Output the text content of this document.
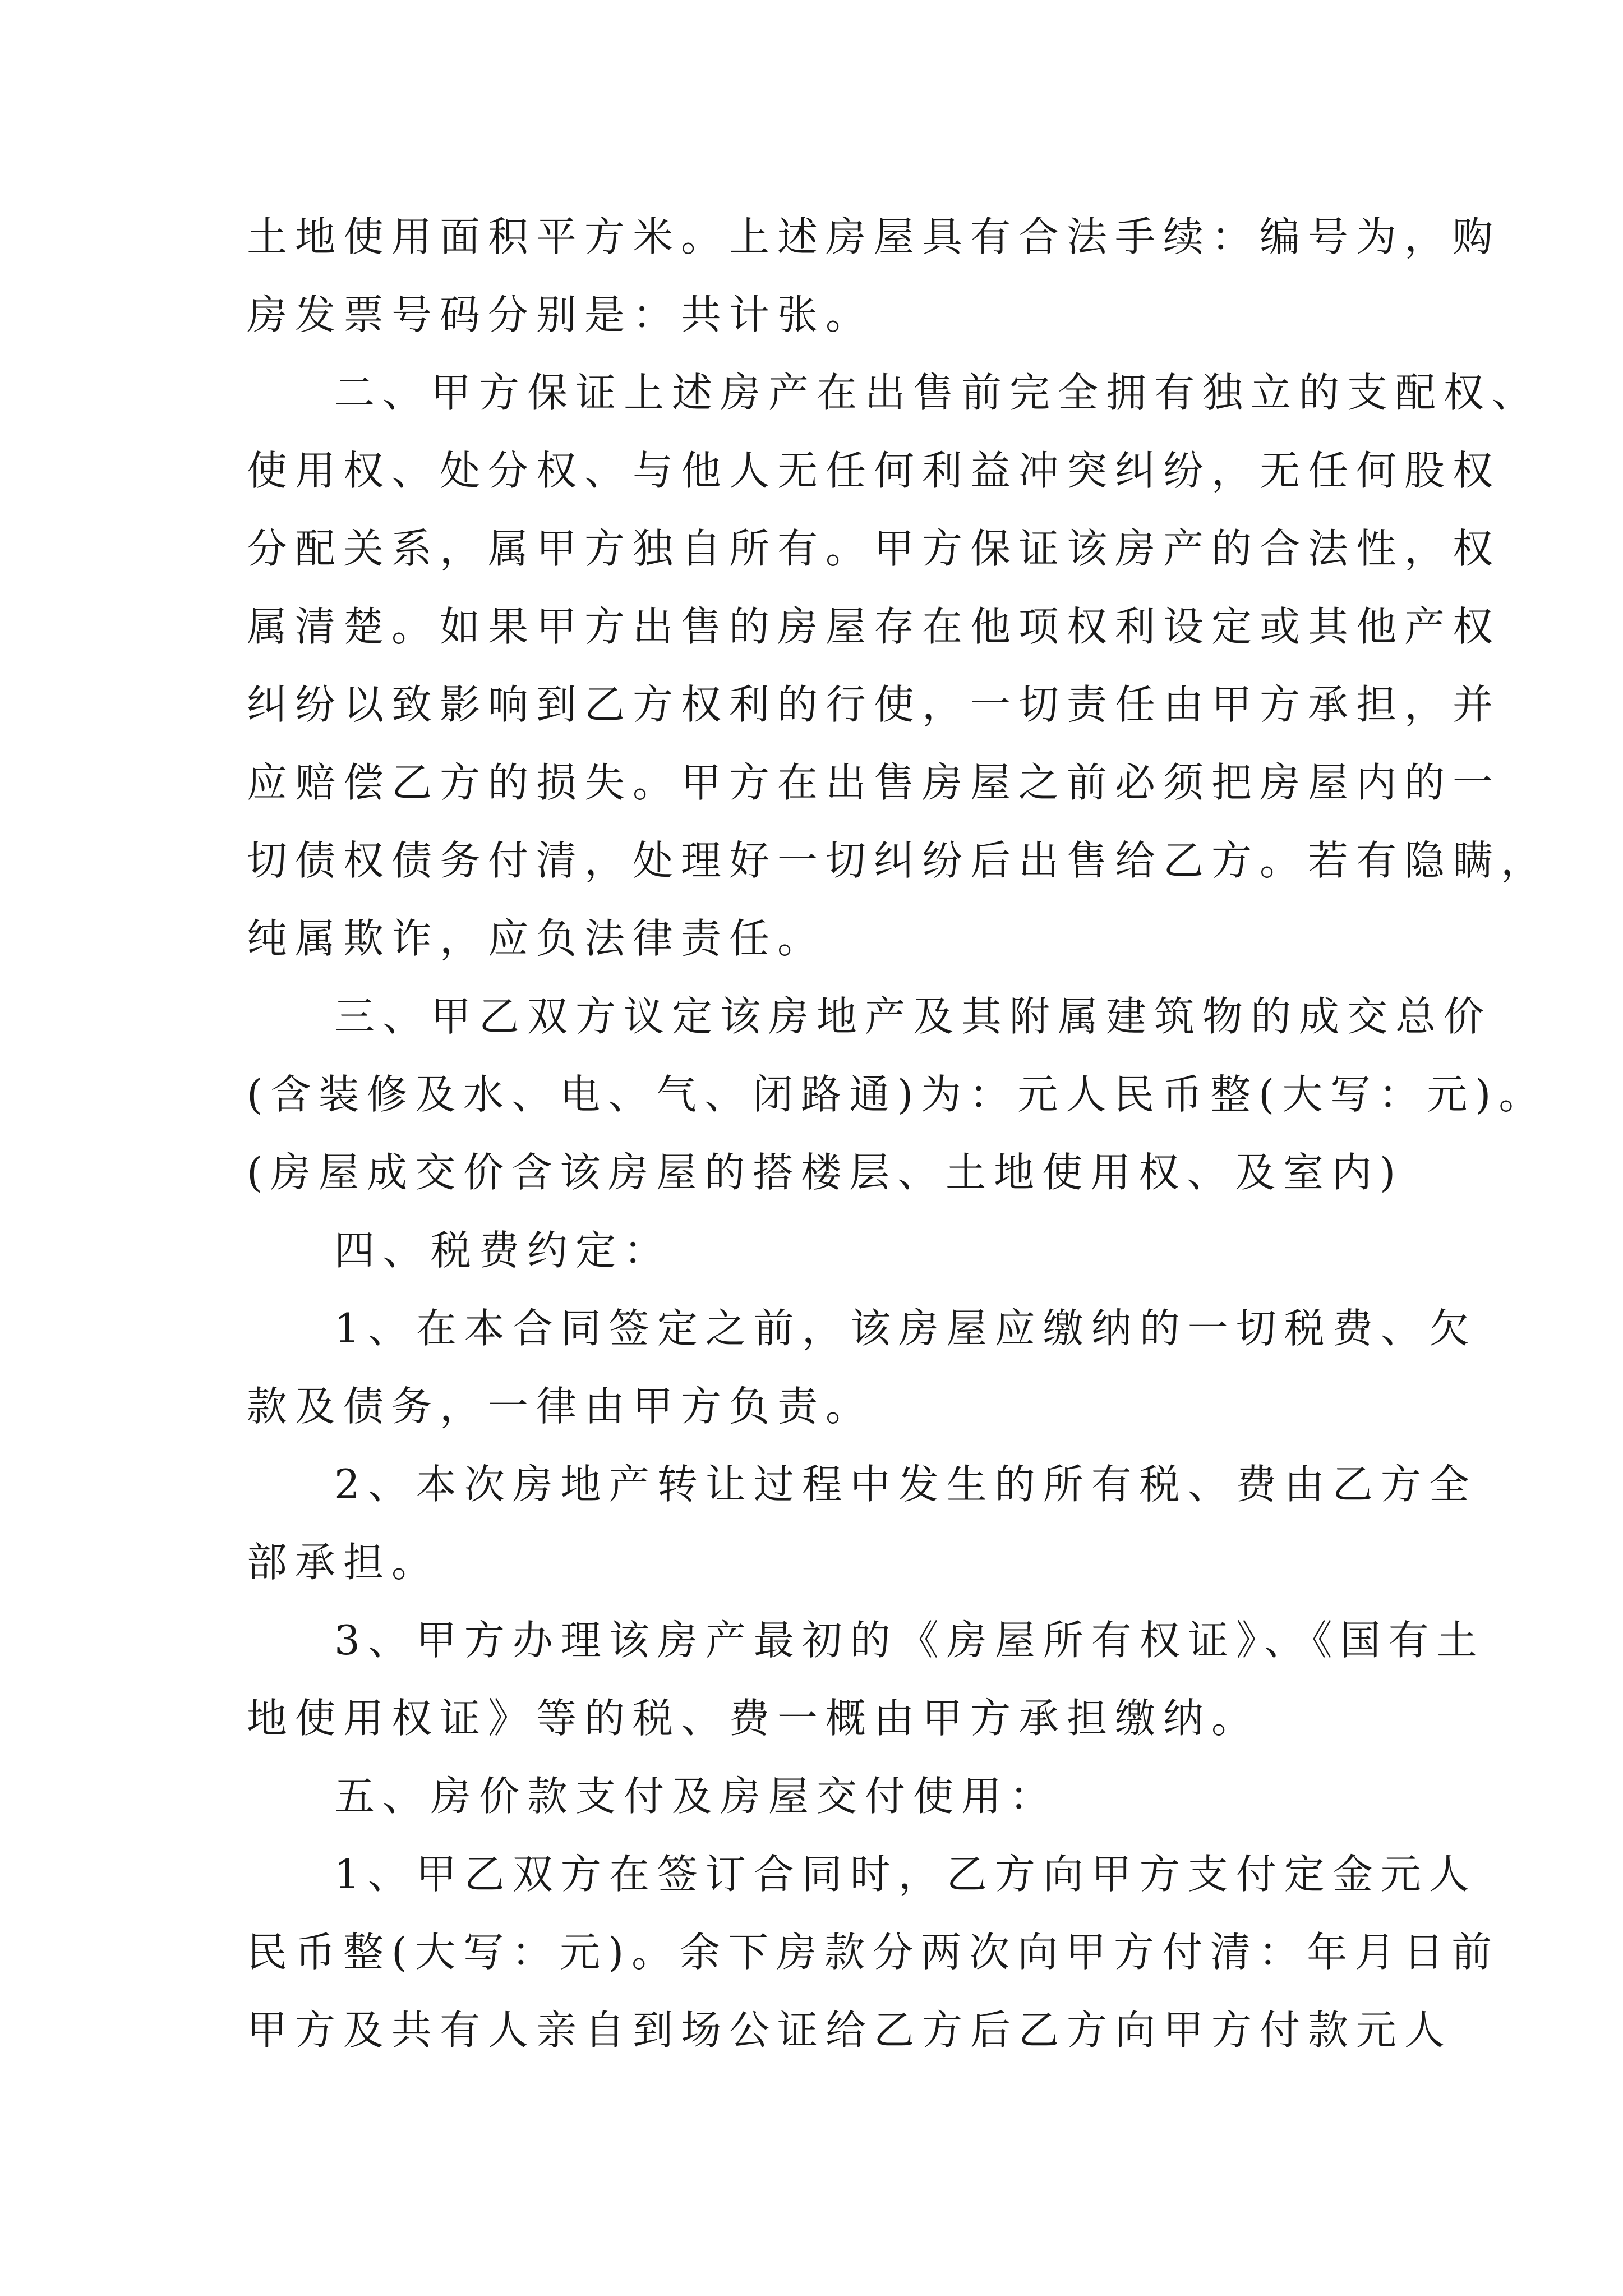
土地使用面积平方米。上述房屋具有合法手续：编号为，购
房发票号码分别是：共计张。
二、甲方保证上述房产在出售前完全拥有独立的支配权、
使用权、处分权、与他人无任何利益冲突纠纷，无任何股权
分配关系，属甲方独自所有。甲方保证该房产的合法性，权
属清楚。如果甲方出售的房屋存在他项权利设定或其他产权
纠纷以致影响到乙方权利的行使，一切责任由甲方承担，并
应赔偿乙方的损失。甲方在出售房屋之前必须把房屋内的一
切债权债务付清，处理好一切纠纷后出售给乙方。若有隐瞒，
纯属欺诈，应负法律责任。
三、甲乙双方议定该房地产及其附属建筑物的成交总价
(含装修及水、电、气、闭路通)为：元人民币整(大写：元)。
(房屋成交价含该房屋的搭楼层、土地使用权、及室内)
四、税费约定：
1、在本合同签定之前，该房屋应缴纳的一切税费、欠
款及债务，一律由甲方负责。
2、本次房地产转让过程中发生的所有税、费由乙方全
部承担。
3、甲方办理该房产最初的《房屋所有权证》、《国有土
地使用权证》等的税、费一概由甲方承担缴纳。
五、房价款支付及房屋交付使用：
1、甲乙双方在签订合同时，乙方向甲方支付定金元人
民币整(大写：元)。余下房款分两次向甲方付清：年月日前
甲方及共有人亲自到场公证给乙方后乙方向甲方付款元人
